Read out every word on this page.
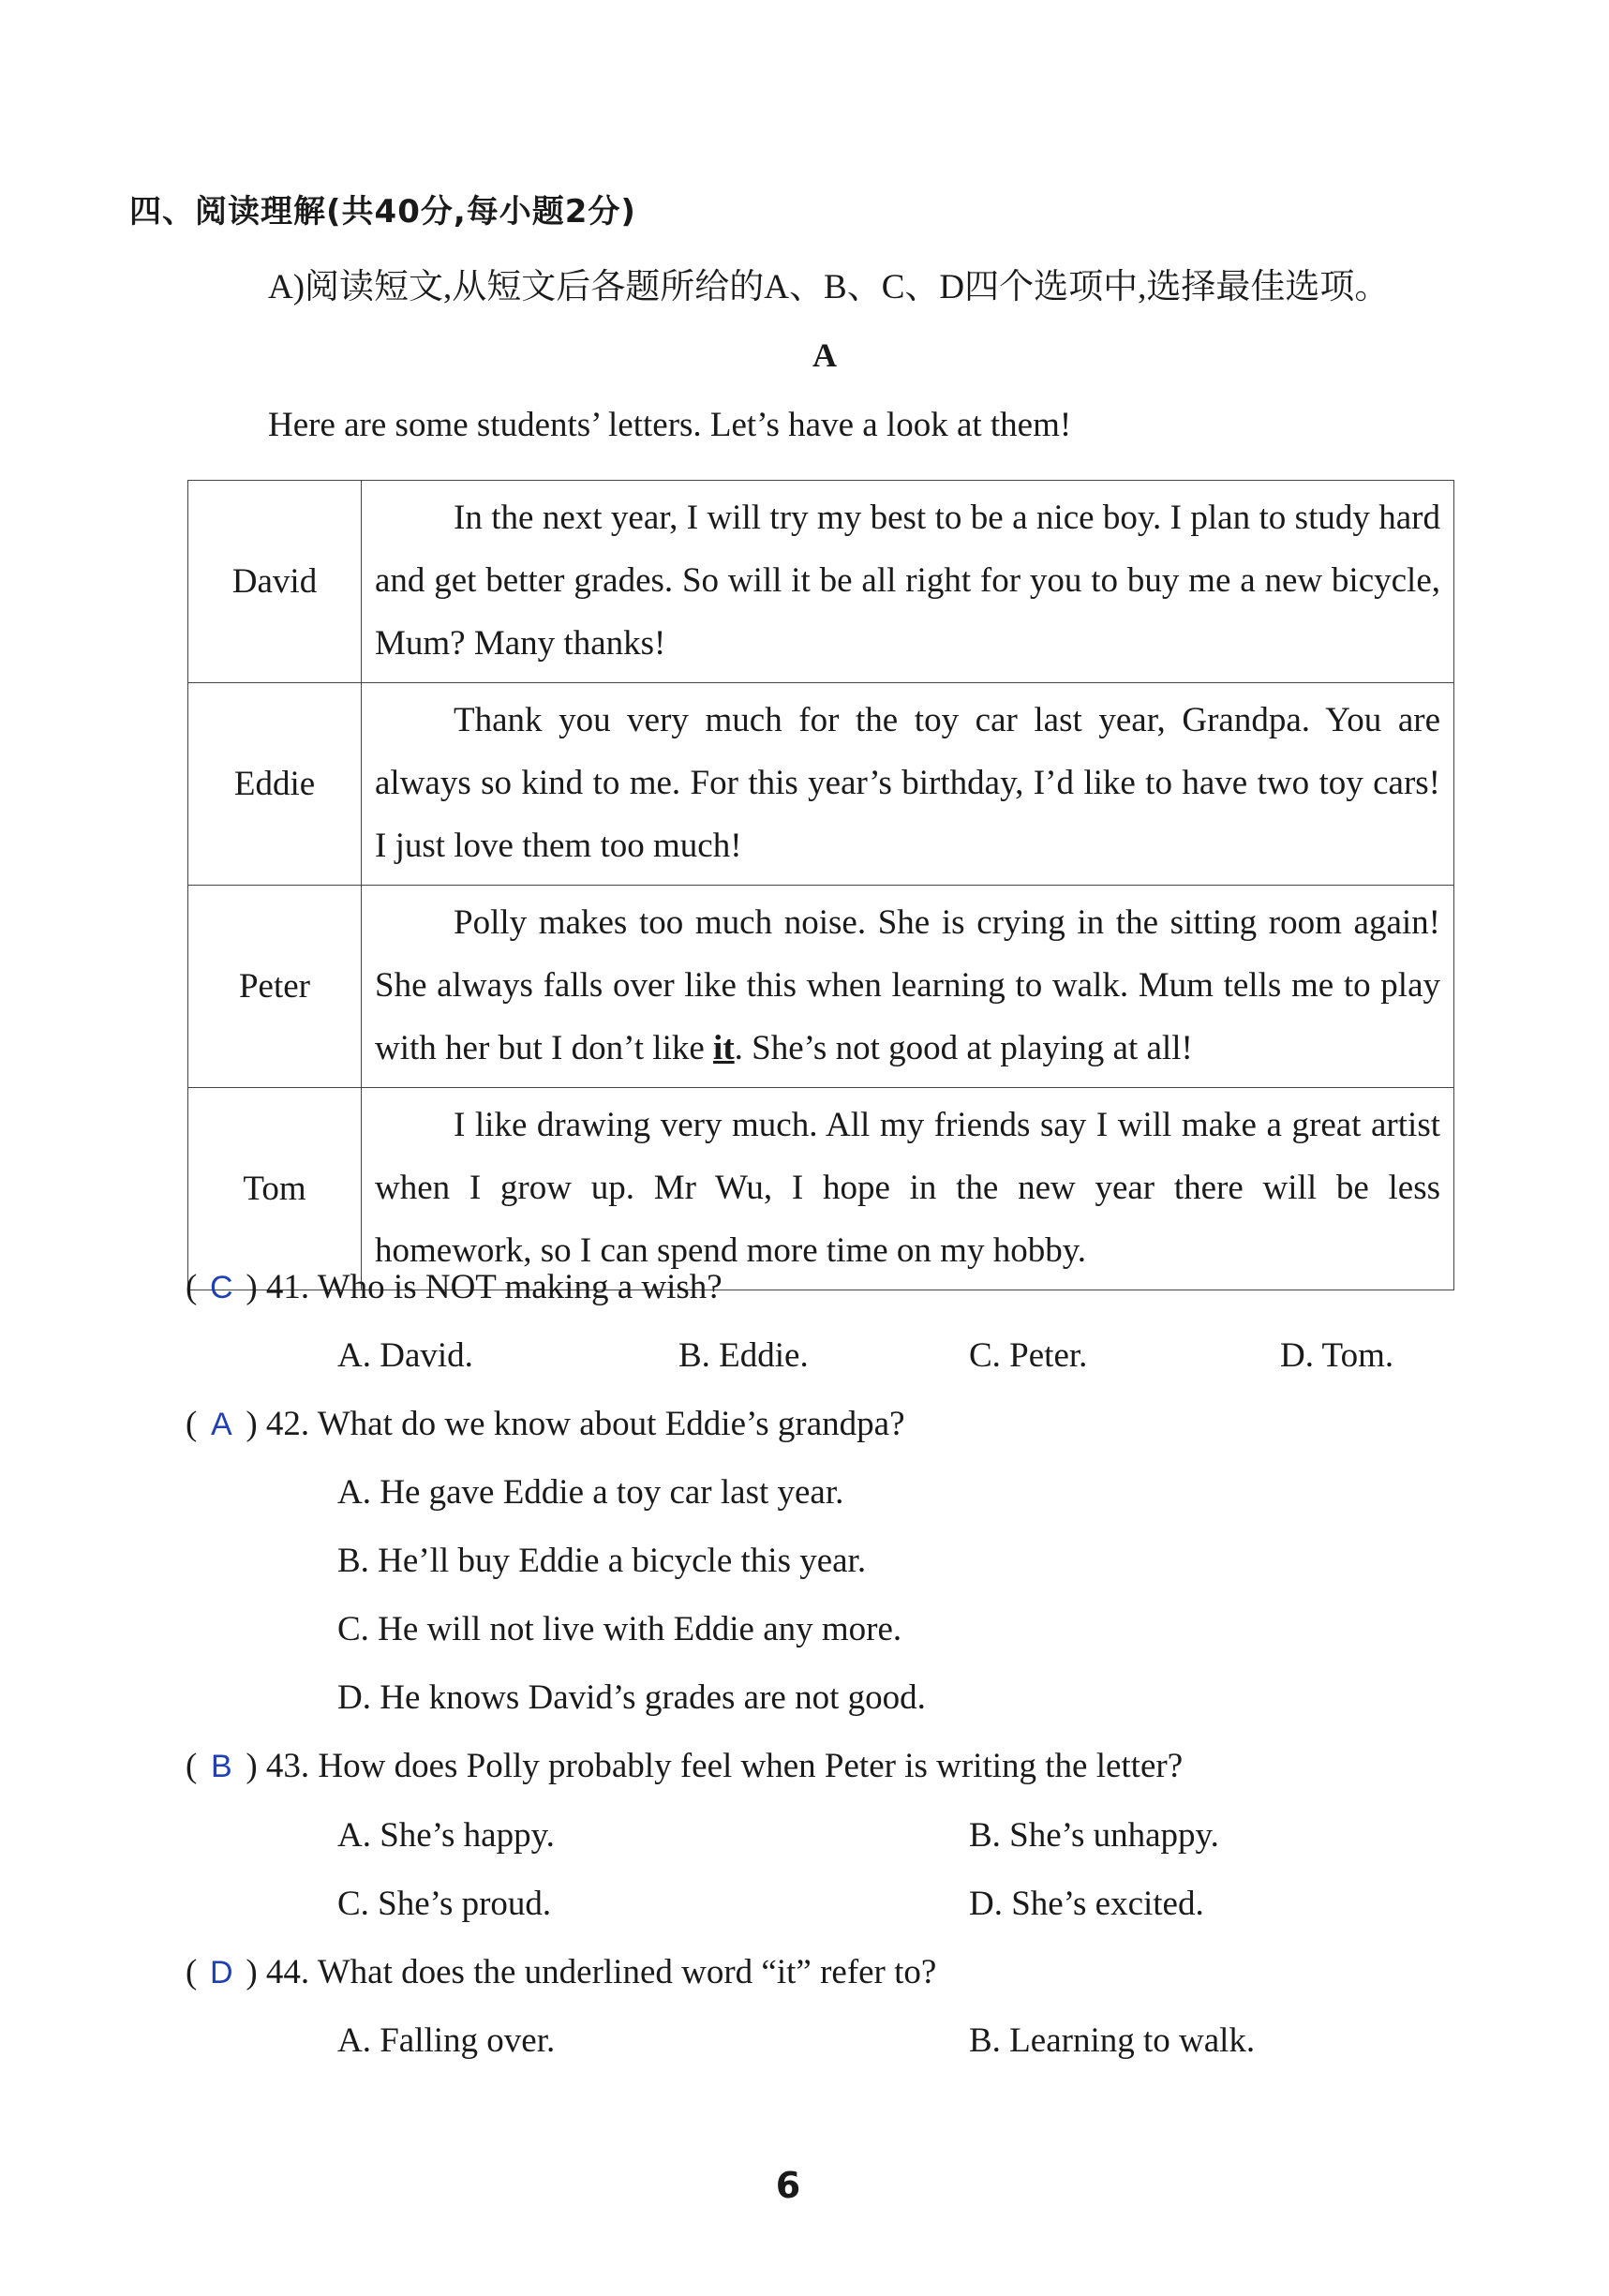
四、阅读理解(共40分,每小题2分)
A)阅读短文,从短文后各题所给的A、B、C、D四个选项中,选择最佳选项。
A
Here are some students’ letters. Let’s have a look at them!
David	In the next year, I will try my best to be a nice boy. I plan to study hard and get better grades. So will it be all right for you to buy me a new bicycle, Mum? Many thanks!
Eddie	Thank you very much for the toy car last year, Grandpa. You are always so kind to me. For this year’s birthday, I’d like to have two toy cars! I just love them too much!
Peter	Polly makes too much noise. She is crying in the sitting room again! She always falls over like this when learning to walk. Mum tells me to play with her but I don’t like it. She’s not good at playing at all!
Tom	I like drawing very much. All my friends say I will make a great artist when I grow up. Mr Wu, I hope in the new year there will be less homework, so I can spend more time on my hobby.
( C ) 41. Who is NOT making a wish?
A. David.	B. Eddie.	C. Peter.	D. Tom.
( A ) 42. What do we know about Eddie’s grandpa?
A. He gave Eddie a toy car last year.
B. He’ll buy Eddie a bicycle this year.
C. He will not live with Eddie any more.
D. He knows David’s grades are not good.
( B ) 43. How does Polly probably feel when Peter is writing the letter?
A. She’s happy.	B. She’s unhappy.
C. She’s proud.	D. She’s excited.
( D ) 44. What does the underlined word “it” refer to?
A. Falling over.	B. Learning to walk.
6
